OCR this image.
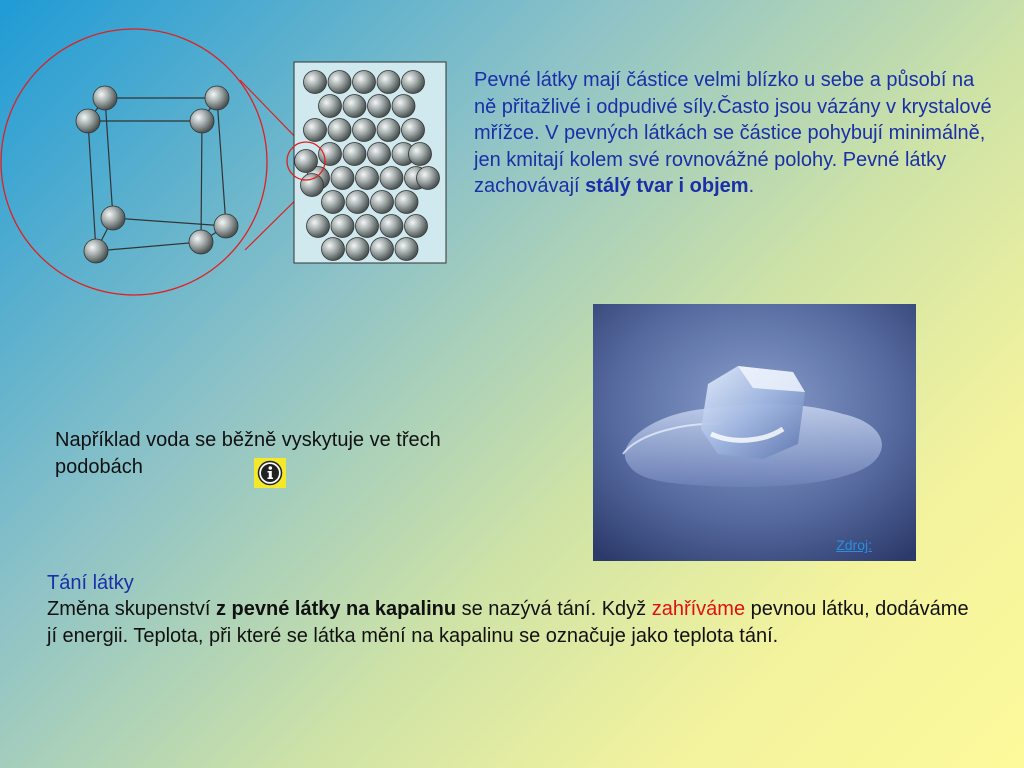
Pevné látky mají částice velmi blízko u sebe a působí na ně přitažlivé i odpudivé síly.Často jsou vázány v krystalové mřížce. V pevných látkách se částice pohybují minimálně, jen kmitají kolem své rovnovážné polohy. Pevné látky zachovávají stálý tvar i objem.
Například voda se běžně vyskytuje ve třech podobách
Zdroj:
Tání látky
Změna skupenství z pevné látky na kapalinu se nazývá tání. Když zahříváme pevnou látku, dodáváme jí energii. Teplota, při které se látka mění na kapalinu se označuje jako teplota tání.
